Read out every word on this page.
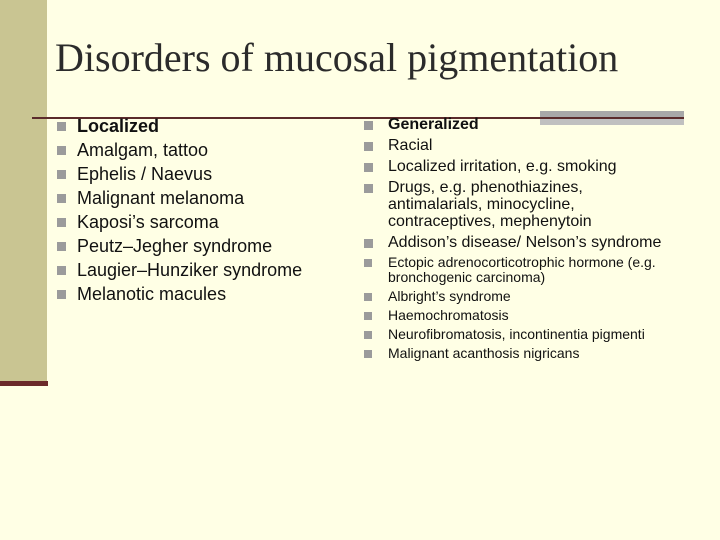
Disorders of mucosal pigmentation
Localized
Amalgam, tattoo
Ephelis / Naevus
Malignant melanoma
Kaposi’s sarcoma
Peutz–Jegher syndrome
Laugier–Hunziker syndrome
Melanotic macules
Generalized
Racial
Localized irritation, e.g. smoking
Drugs, e.g. phenothiazines, antimalarials, minocycline, contraceptives, mephenytoin
Addison’s disease/ Nelson’s syndrome
Ectopic adrenocorticotrophic hormone (e.g. bronchogenic carcinoma)
Albright’s syndrome
Haemochromatosis
Neurofibromatosis, incontinentia pigmenti
Malignant acanthosis nigricans
